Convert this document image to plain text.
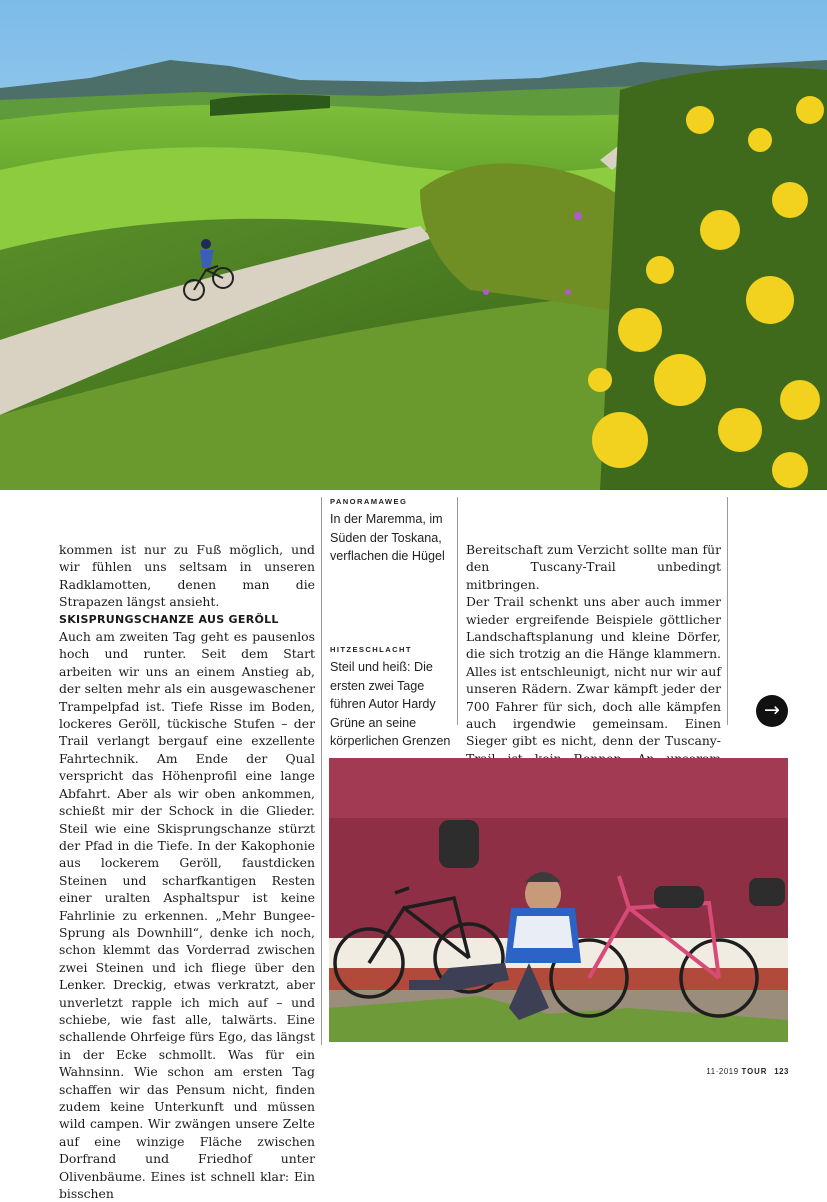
kommen ist nur zu Fuß möglich, und wir fühlen uns seltsam in unseren Radklamotten, denen man die Strapazen längst ansieht.

SKISPRUNGSCHANZE AUS GERÖLL

Auch am zweiten Tag geht es pausenlos hoch und runter. Seit dem Start arbeiten wir uns an einem Anstieg ab, der selten mehr als ein ausgewaschener Trampelpfad ist. Tiefe Risse im Boden, lockeres Geröll, tückische Stufen – der Trail verlangt bergauf eine exzellente Fahrtechnik. Am Ende der Qual verspricht das Höhenprofil eine lange Abfahrt. Aber als wir oben ankommen, schießt mir der Schock in die Glieder. Steil wie eine Skisprungschanze stürzt der Pfad in die Tiefe. In der Kakophonie aus lockerem Geröll, faustdicken Steinen und scharfkantigen Resten einer uralten Asphaltspur ist keine Fahrlinie zu erkennen. „Mehr Bungee-Sprung als Downhill“, denke ich noch, schon klemmt das Vorderrad zwischen zwei Steinen und ich fliege über den Lenker. Dreckig, etwas verkratzt, aber unverletzt rapple ich mich auf – und schiebe, wie fast alle, talwärts. Eine schallende Ohrfeige fürs Ego, das längst in der Ecke schmollt. Was für ein Wahnsinn. Wie schon am ersten Tag schaffen wir das Pensum nicht, finden zudem keine Unterkunft und müssen wild campen. Wir zwängen unsere Zelte auf eine winzige Fläche zwischen Dorfrand und Friedhof unter Olivenbäume. Eines ist schnell klar: Ein bisschen

PANORAMAWEG

In der Maremma, im Süden der Toskana, verflachen die Hügel

HITZESCHLACHT

Steil und heiß: Die ersten zwei Tage führen Autor Hardy Grüne an seine körperlichen Grenzen

Bereitschaft zum Verzicht sollte man für den Tuscany-Trail unbedingt mitbringen.

Der Trail schenkt uns aber auch immer wieder ergreifende Beispiele göttlicher Landschaftsplanung und kleine Dörfer, die sich trotzig an die Hänge klammern. Alles ist entschleunigt, nicht nur wir auf unseren Rädern. Zwar kämpft jeder der 700 Fahrer für sich, doch alle kämpfen auch irgendwie gemeinsam. Einen Sieger gibt es nicht, denn der Tuscany-

→
11·2019 TOUR 123
